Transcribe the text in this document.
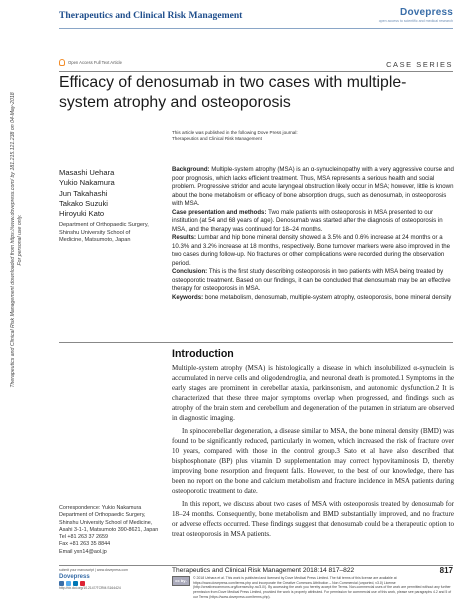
Therapeutics and Clinical Risk Management	Dovepress
open access to scientific and medical research
Open Access Full Text Article	CASE SERIES
Efficacy of denosumab in two cases with multiple-
system atrophy and osteoporosis
Therapeutics and Clinical Risk Management downloaded from https://www.dovepress.com/ by 181.215.121.238 on 04-May-2018 For personal use only.
This article was published in the following Dove Press journal:
Therapeutics and Clinical Risk Management
Masashi Uehara
Yukio Nakamura
Jun Takahashi
Takako Suzuki
Hiroyuki Kato
Department of Orthopaedic Surgery,
Shinshu University School of
Medicine, Matsumoto, Japan

Background: Multiple-system atrophy (MSA) is an α-synucleinopathy with a very aggressive course and poor prognosis, which lacks efficient treatment. Thus, MSA represents a serious health and social problem. Progressive stridor and acute laryngeal obstruction likely occur in MSA; however, little is known about the bone metabolism or efficacy of bone absorption drugs, such as denosumab, in osteoporosis with MSA.

Case presentation and methods: Two male patients with osteoporosis in MSA presented to our institution (at 54 and 68 years of age). Denosumab was started after the diagnosis of osteoporosis in MSA, and the therapy was continued for 18–24 months.

Results: Lumbar and hip bone mineral density showed a 3.5% and 0.6% increase at 24 months or a 10.3% and 3.2% increase at 18 months, respectively. Bone turnover markers were also improved in the two cases during follow-up. No fractures or other complications were recorded during the observation period.

Conclusion: This is the first study describing osteoporosis in two patients with MSA being treated by osteoporotic treatment. Based on our findings, it can be concluded that denosumab may be an effective therapy for osteoporosis in MSA.

Keywords: bone metabolism, denosumab, multiple-system atrophy, osteoporosis, bone mineral density

Introduction

Multiple-system atrophy (MSA) is histologically a disease in which insolubilized α-synuclein is accumulated in nerve cells and oligodendroglia, and neuronal death is promoted.1 Symptoms in the early stages are prominent in cerebellar ataxia, parkinsonism, and autonomic dysfunction.2 It is characterized that these three major symptoms overlap when progressed, and findings such as atrophy of the brain stem and cerebellum and degeneration of the putamen in striatum are observed in diagnostic imaging.

In spinocerebellar degeneration, a disease similar to MSA, the bone mineral density (BMD) was found to be significantly reduced, particularly in women, which increased the risk of fracture over 10 years, compared with those in the control group.3 Sato et al have also described that bisphosphonate (BP) plus vitamin D supplementation may correct hypovitaminosis D, thereby improving bone resorption and frequent falls. However, to the best of our knowledge, there has been no report on the bone and calcium metabolism and fracture incidence in MSA patients during osteoporotic treatment to date.

In this report, we discuss about two cases of MSA with osteoporosis treated by denosumab for 18–24 months. Consequently, bone metabolism and BMD substantially improved, and no fracture or adverse effects occurred. These findings suggest that denosumab could be a therapeutic option to treat osteoporosis in MSA patients.

Correspondence: Yukio Nakamura
Department of Orthopaedic Surgery,
Shinshu University School of Medicine,
Asahi 3-1-1, Matsumoto 390-8621, Japan
Tel +81 263 37 2659
Fax +81 263 35 8844
Email yxn14@aol.jp
submit your manuscript | www.dovepress.com
Dovepress
http://dx.doi.org/10.2147/TCRM.S164424
Therapeutics and Clinical Risk Management 2018:14 817–822	817
cc by-nc
© 2018 Uehara et al. This work is published and licensed by Dove Medical Press Limited. The full terms of this license are available at https://www.dovepress.com/terms.php and incorporate the Creative Commons Attribution – Non Commercial (unported, v3.0) License (http://creativecommons.org/licenses/by-nc/3.0/). By accessing the work you hereby accept the Terms. Non-commercial uses of the work are permitted without any further permission from Dove Medical Press Limited, provided the work is properly attributed. For permission for commercial use of this work, please see paragraphs 4.2 and 5 of our Terms (https://www.dovepress.com/terms.php).
